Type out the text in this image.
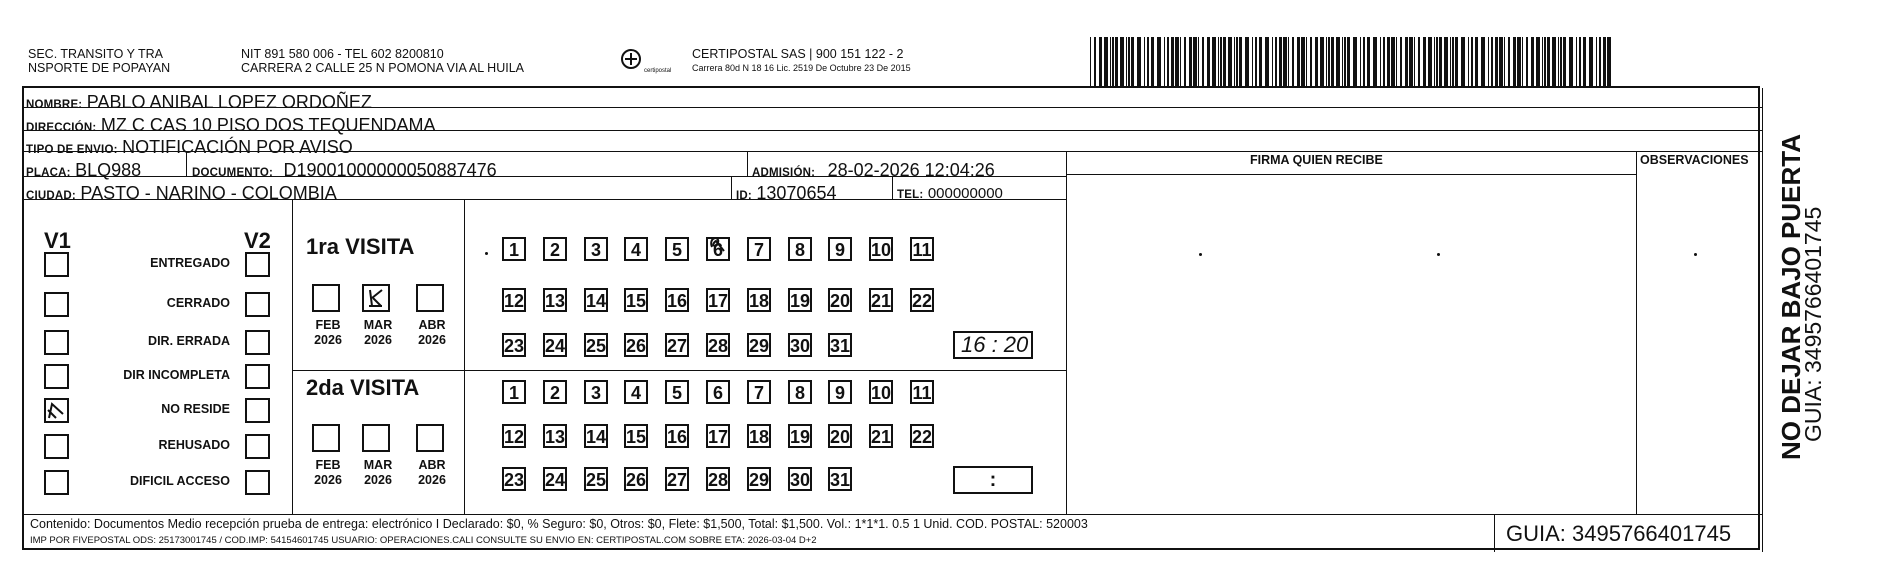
SEC. TRANSITO Y TRA
NSPORTE DE POPAYAN
NIT 891 580 006 - TEL 602 8200810
CARRERA 2 CALLE 25 N POMONA VIA AL HUILA	certipostal
CERTIPOSTAL SAS | 900 151 122 - 2
Carrera 80d N 18 16 Lic. 2519 De Octubre 23 De 2015
NOMBRE: PABLO ANIBAL LOPEZ ORDOÑEZ
DIRECCIÓN: MZ C CAS 10 PISO DOS TEQUENDAMA
TIPO DE ENVIO: NOTIFICACIÓN POR AVISO
PLACA: BLQ988	DOCUMENTO: D19001000000050887476	ADMISIÓN: 28-02-2026 12:04:26
CIUDAD: PASTO - NARINO - COLOMBIA	ID: 13070654	TEL: 000000000
FIRMA QUIEN RECIBE	OBSERVACIONES
V1	V2
ENTREGADO
CERRADO
DIR. ERRADA
DIR INCOMPLETA
NO RESIDE
REHUSADO
DIFICIL ACCESO
1ra VISITA
2da VISITA
FEB
2026
MAR
2026
ABR
2026
FEB
2026
MAR
2026
ABR
2026
1	2	3	4	5	6	7	8	9	10 11
12 13 14 15 16 17 18 19 20 21 22
23 24 25 26 27 28 29 30 31
1	2	3	4	5	6	7	8	9	10 11
12 13 14 15 16 17 18 19 20 21 22
23 24 25 26 27 28 29 30 31
16 : 20
:
NO DEJAR BAJO PUERTA
GUIA: 3495766401745
Contenido: Documentos Medio recepción prueba de entrega: electrónico I Declarado: $0, % Seguro: $0, Otros: $0, Flete: $1,500, Total: $1,500. Vol.: 1*1*1. 0.5 1 Unid. COD. POSTAL: 520003
IMP POR FIVEPOSTAL ODS: 25173001745 / COD.IMP: 54154601745 USUARIO: OPERACIONES.CALI CONSULTE SU ENVIO EN: CERTIPOSTAL.COM SOBRE ETA: 2026-03-04 D+2	GUIA: 3495766401745
